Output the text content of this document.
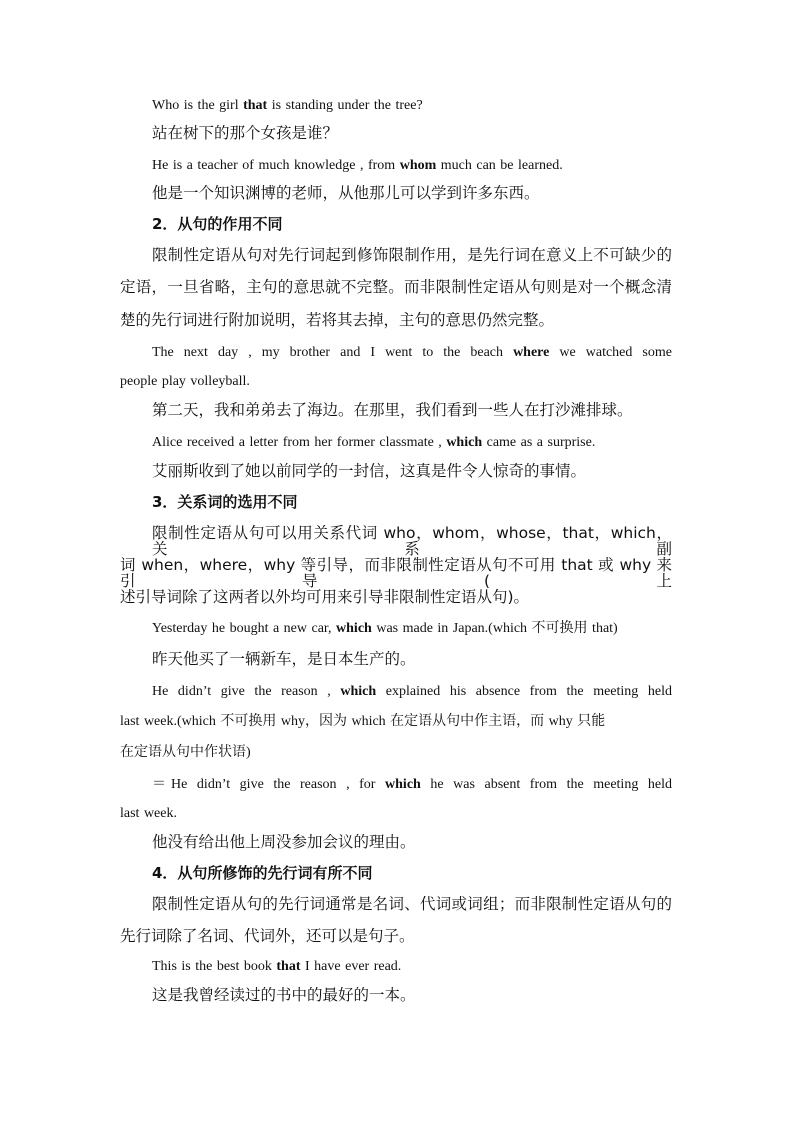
Who is the girl that is standing under the tree?
站在树下的那个女孩是谁？
He is a teacher of much knowledge , from whom much can be learned.
他是一个知识渊博的老师，从他那儿可以学到许多东西。
2．从句的作用不同
限制性定语从句对先行词起到修饰限制作用，是先行词在意义上不可缺少的
定语，一旦省略，主句的意思就不完整。而非限制性定语从句则是对一个概念清
楚的先行词进行附加说明，若将其去掉，主句的意思仍然完整。
The next day , my brother and I went to the beach where we watched some
people play volleyball.
第二天，我和弟弟去了海边。在那里，我们看到一些人在打沙滩排球。
Alice received a letter from her former classmate , which came as a surprise.
艾丽斯收到了她以前同学的一封信，这真是件令人惊奇的事情。
3．关系词的选用不同
限制性定语从句可以用关系代词 who，whom，whose，that，which，关系副
词 when，where，why 等引导，而非限制性定语从句不可用 that 或 why 来引导(上
述引导词除了这两者以外均可用来引导非限制性定语从句)。
Yesterday he bought a new car, which was made in Japan.(which 不可换用 that)
昨天他买了一辆新车，是日本生产的。
He didn’t give the reason , which explained his absence from the meeting held
last week.(which 不可换用 why，因为 which 在定语从句中作主语，而 why 只能
在定语从句中作状语)
＝He didn’t give the reason , for which he was absent from the meeting held
last week.
他没有给出他上周没参加会议的理由。
4．从句所修饰的先行词有所不同
限制性定语从句的先行词通常是名词、代词或词组；而非限制性定语从句的
先行词除了名词、代词外，还可以是句子。
This is the best book that I have ever read.
这是我曾经读过的书中的最好的一本。
